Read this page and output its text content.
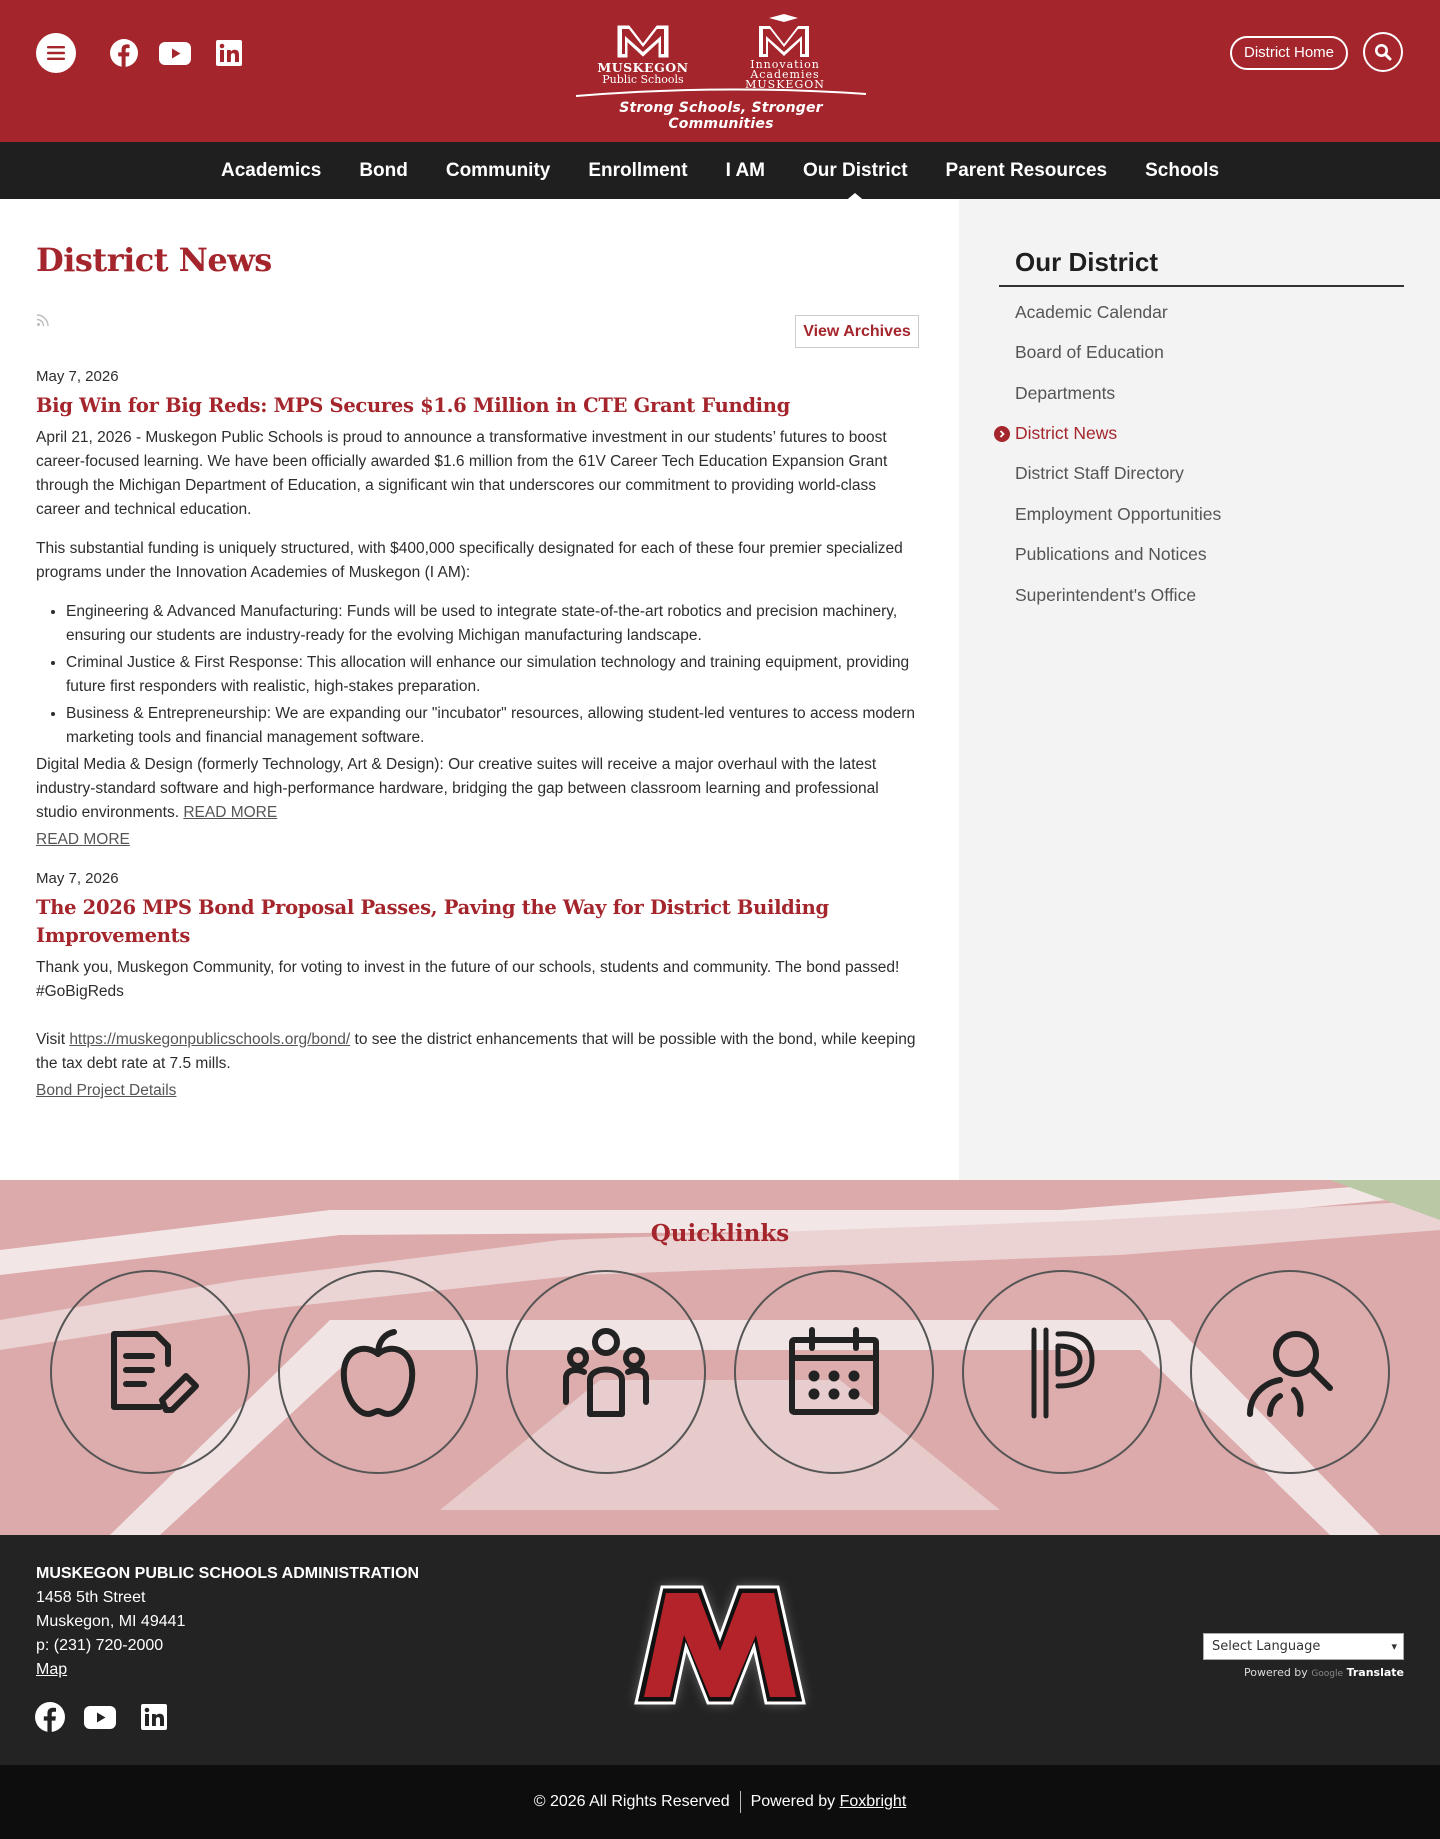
MUSKEGON
Public Schools
Innovation
Academies
MUSKEGON
Strong Schools, Stronger Communities
District Home
Academics	Bond	Community	Enrollment	I AM	Our District	Parent Resources	Schools
District News
View Archives
May 7, 2026
Big Win for Big Reds: MPS Secures $1.6 Million in CTE Grant Funding

April 21, 2026 - Muskegon Public Schools is proud to announce a transformative investment in our students’ futures to boost career-focused learning. We have been officially awarded $1.6 million from the 61V Career Tech Education Expansion Grant through the Michigan Department of Education, a significant win that underscores our commitment to providing world-class career and technical education.

This substantial funding is uniquely structured, with $400,000 specifically designated for each of these four premier specialized programs under the Innovation Academies of Muskegon (I AM):

• Engineering & Advanced Manufacturing: Funds will be used to integrate state-of-the-art robotics and precision machinery, ensuring our students are industry-ready for the evolving Michigan manufacturing landscape.
• Criminal Justice & First Response: This allocation will enhance our simulation technology and training equipment, providing future first responders with realistic, high-stakes preparation.
• Business & Entrepreneurship: We are expanding our "incubator" resources, allowing student-led ventures to access modern marketing tools and financial management software.

Digital Media & Design (formerly Technology, Art & Design): Our creative suites will receive a major overhaul with the latest industry-standard software and high-performance hardware, bridging the gap between classroom learning and professional studio environments. READ MORE

READ MORE
May 7, 2026
The 2026 MPS Bond Proposal Passes, Paving the Way for District Building Improvements

Thank you, Muskegon Community, for voting to invest in the future of our schools, students and community. The bond passed! #GoBigReds

Visit https://muskegonpublicschools.org/bond/ to see the district enhancements that will be possible with the bond, while keeping the tax debt rate at 7.5 mills.

Bond Project Details
Our District
Academic Calendar
Board of Education
Departments
District News
District Staff Directory
Employment Opportunities
Publications and Notices
Superintendent's Office
Quicklinks
MUSKEGON PUBLIC SCHOOLS ADMINISTRATION
1458 5th Street
Muskegon, MI 49441
p: (231) 720-2000
Map
Select Language	▾
Powered by Google Translate
© 2026 All Rights Reserved Powered by
Foxbright
